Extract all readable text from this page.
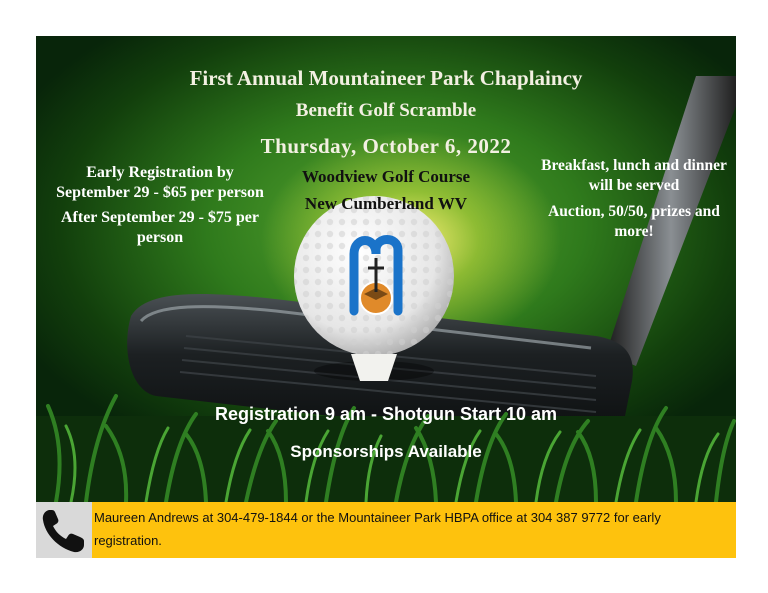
First Annual Mountaineer Park Chaplaincy
Benefit Golf Scramble
Thursday, October 6, 2022
Woodview Golf Course
New Cumberland WV

Early Registration by September 29 - $65 per person

After September 29 - $75 per person

Breakfast, lunch and dinner will be served

Auction, 50/50, prizes and more!

Registration 9 am - Shotgun Start 10 am
Sponsorships Available

Maureen Andrews at 304-479-1844 or the Mountaineer Park HBPA office at 304 387 9772 for early registration.
